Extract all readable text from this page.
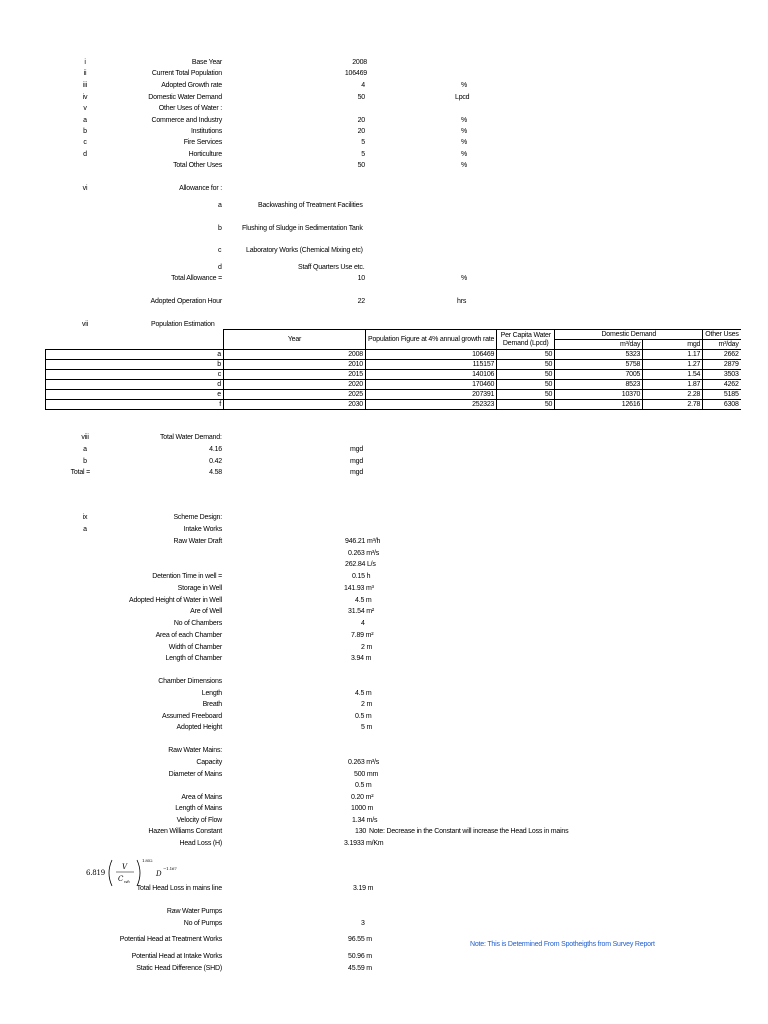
i	Base Year	2008
ii	Current Total Population	106469
iii	Adopted Growth rate	4	%
iv	Domestic Water Demand	50	Lpcd
v	Other Uses of Water :
a	Commerce and Industry	20	%
b	Institutions	20	%
c	Fire Services	5	%
d	Horticulture	5	%
Total Other Uses	50	%
vi	Allowance for :
a	Backwashing of Treatment Facilities
b	Flushing of Sludge in Sedimentation Tank
c	Laboratory Works (Chemical Mixing etc)
d	Staff Quarters Use etc.
Total Allowance =	10	%
Adopted Operation Hour	22	hrs
vii	Population Estimation
	Year	Population Figure at 4% annual growth rate	Per Capita Water Demand (Lpcd)	Domestic Demand		Other Uses
				m³/day	mgd	m³/day
a	2008	106469	50	5323	1.17	2662
b	2010	115157	50	5758	1.27	2879
c	2015	140106	50	7005	1.54	3503
d	2020	170460	50	8523	1.87	4262
e	2025	207391	50	10370	2.28	5185
f	2030	252323	50	12616	2.78	6308
viii	Total Water Demand:
a	4.16	mgd
b	0.42	mgd
Total =	4.58	mgd
ix	Scheme Design:
a	Intake Works
Raw Water Draft	946.21 m³/h
0.263 m³/s
262.84 L/s
Detention Time in well =	0.15 h
Storage in Well	141.93 m³
Adopted Height of Water in Well	4.5 m
Are of Well	31.54 m²
No of Chambers	4
Area of each Chamber	7.89 m²
Width of Chamber	2 m
Length of Chamber	3.94 m
Chamber Dimensions
Length	4.5 m
Breath	2 m
Assumed Freeboard	0.5 m
Adopted Height	5 m
Raw Water Mains:
Capacity	0.263 m³/s
Diameter of Mains	500 mm
0.5 m
Area of Mains	0.20 m²
Length of Mains	1000 m
Velocity of Flow	1.34 m/s
Hazen Williams Constant	130 Note: Decrease in the Constant will increase the Head Loss in mains
Head Loss (H)	3.1933 m/Km
6.819
V
C wh
1.852
D
−1.167
Total Head Loss in mains line	3.19 m
Raw Water Pumps
No of Pumps	3
Potential Head at Treatment Works	96.55 m
Note: This is Determined From Spotheigths from Survey Report
Potential Head at Intake Works	50.96 m
Static Head Difference (SHD)	45.59 m
